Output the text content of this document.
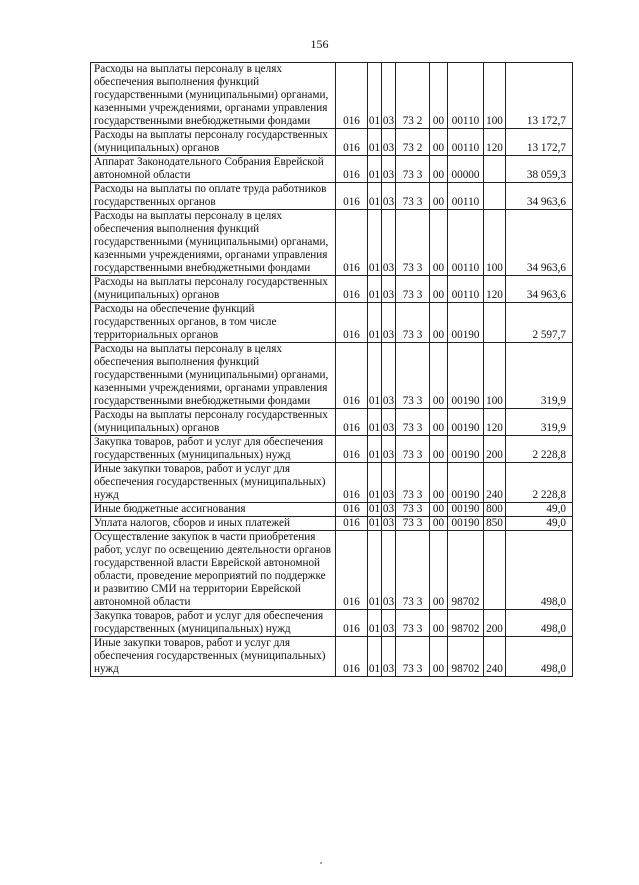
156
Расходы на выплаты персоналу в целях обеспечения выполнения функций государственными (муниципальными) органами, казенными учреждениями, органами управления государственными внебюджетными фондами	016	01	03	73 2	00	00110	100	13 172,7
Расходы на выплаты персоналу государственных (муниципальных) органов	016	01	03	73 2	00	00110	120	13 172,7
Аппарат Законодательного Собрания Еврейской автономной области	016	01	03	73 3	00	00000		38 059,3
Расходы на выплаты по оплате труда работников государственных органов	016	01	03	73 3	00	00110		34 963,6
Расходы на выплаты персоналу в целях обеспечения выполнения функций государственными (муниципальными) органами, казенными учреждениями, органами управления государственными внебюджетными фондами	016	01	03	73 3	00	00110	100	34 963,6
Расходы на выплаты персоналу государственных (муниципальных) органов	016	01	03	73 3	00	00110	120	34 963,6
Расходы на обеспечение функций государственных органов, в том числе территориальных органов	016	01	03	73 3	00	00190		2 597,7
Расходы на выплаты персоналу в целях обеспечения выполнения функций государственными (муниципальными) органами, казенными учреждениями, органами управления государственными внебюджетными фондами	016	01	03	73 3	00	00190	100	319,9
Расходы на выплаты персоналу государственных (муниципальных) органов	016	01	03	73 3	00	00190	120	319,9
Закупка товаров, работ и услуг для обеспечения государственных (муниципальных) нужд	016	01	03	73 3	00	00190	200	2 228,8
Иные закупки товаров, работ и услуг для обеспечения государственных (муниципальных) нужд	016	01	03	73 3	00	00190	240	2 228,8
Иные бюджетные ассигнования	016	01	03	73 3	00	00190	800	49,0
Уплата налогов, сборов и иных платежей	016	01	03	73 3	00	00190	850	49,0
Осуществление закупок в части приобретения работ, услуг по освещению деятельности органов государственной власти Еврейской автономной области, проведение мероприятий по поддержке и развитию СМИ на территории Еврейской автономной области	016	01	03	73 3	00	98702		498,0
Закупка товаров, работ и услуг для обеспечения государственных (муниципальных) нужд	016	01	03	73 3	00	98702	200	498,0
Иные закупки товаров, работ и услуг для обеспечения государственных (муниципальных) нужд	016	01	03	73 3	00	98702	240	498,0
